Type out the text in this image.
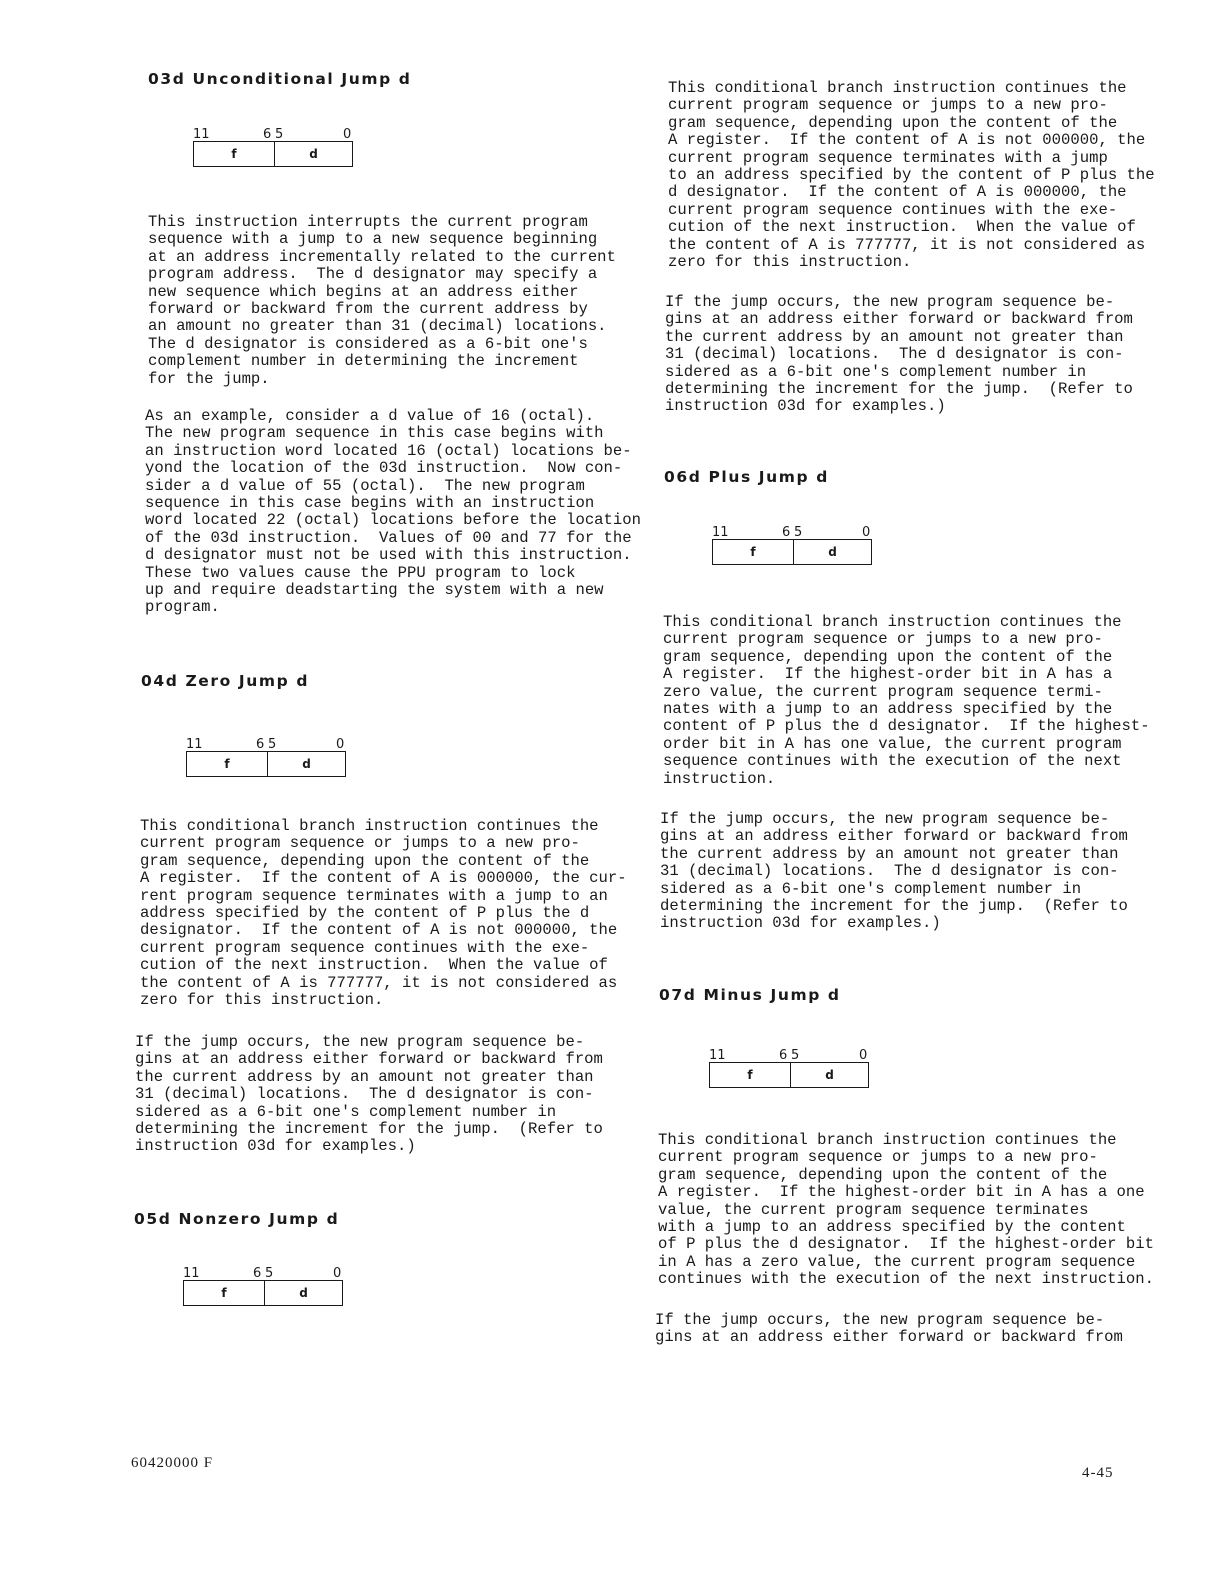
03d Unconditional Jump d
11	6 5	0
f	d
This instruction interrupts the current program
sequence with a jump to a new sequence beginning
at an address incrementally related to the current
program address.  The d designator may specify a
new sequence which begins at an address either
forward or backward from the current address by
an amount no greater than 31 (decimal) locations.
The d designator is considered as a 6-bit one's
complement number in determining the increment
for the jump.
As an example, consider a d value of 16 (octal).
The new program sequence in this case begins with
an instruction word located 16 (octal) locations be-
yond the location of the 03d instruction.  Now con-
sider a d value of 55 (octal).  The new program
sequence in this case begins with an instruction
word located 22 (octal) locations before the location
of the 03d instruction.  Values of 00 and 77 for the
d designator must not be used with this instruction.
These two values cause the PPU program to lock
up and require deadstarting the system with a new
program.
04d Zero Jump d
11	6 5	0
f	d
This conditional branch instruction continues the
current program sequence or jumps to a new pro-
gram sequence, depending upon the content of the
A register.  If the content of A is 000000, the cur-
rent program sequence terminates with a jump to an
address specified by the content of P plus the d
designator.  If the content of A is not 000000, the
current program sequence continues with the exe-
cution of the next instruction.  When the value of
the content of A is 777777, it is not considered as
zero for this instruction.
If the jump occurs, the new program sequence be-
gins at an address either forward or backward from
the current address by an amount not greater than
31 (decimal) locations.  The d designator is con-
sidered as a 6-bit one's complement number in
determining the increment for the jump.  (Refer to
instruction 03d for examples.)
05d Nonzero Jump d
11	6 5	0
f	d
This conditional branch instruction continues the
current program sequence or jumps to a new pro-
gram sequence, depending upon the content of the
A register.  If the content of A is not 000000, the
current program sequence terminates with a jump
to an address specified by the content of P plus the
d designator.  If the content of A is 000000, the
current program sequence continues with the exe-
cution of the next instruction.  When the value of
the content of A is 777777, it is not considered as
zero for this instruction.
If the jump occurs, the new program sequence be-
gins at an address either forward or backward from
the current address by an amount not greater than
31 (decimal) locations.  The d designator is con-
sidered as a 6-bit one's complement number in
determining the increment for the jump.  (Refer to
instruction 03d for examples.)
06d Plus Jump d
11	6 5	0
f	d
This conditional branch instruction continues the
current program sequence or jumps to a new pro-
gram sequence, depending upon the content of the
A register.  If the highest-order bit in A has a
zero value, the current program sequence termi-
nates with a jump to an address specified by the
content of P plus the d designator.  If the highest-
order bit in A has one value, the current program
sequence continues with the execution of the next
instruction.
If the jump occurs, the new program sequence be-
gins at an address either forward or backward from
the current address by an amount not greater than
31 (decimal) locations.  The d designator is con-
sidered as a 6-bit one's complement number in
determining the increment for the jump.  (Refer to
instruction 03d for examples.)
07d Minus Jump d
11	6 5	0
f	d
This conditional branch instruction continues the
current program sequence or jumps to a new pro-
gram sequence, depending upon the content of the
A register.  If the highest-order bit in A has a one
value, the current program sequence terminates
with a jump to an address specified by the content
of P plus the d designator.  If the highest-order bit
in A has a zero value, the current program sequence
continues with the execution of the next instruction.
If the jump occurs, the new program sequence be-
gins at an address either forward or backward from
60420000 F
4-45
